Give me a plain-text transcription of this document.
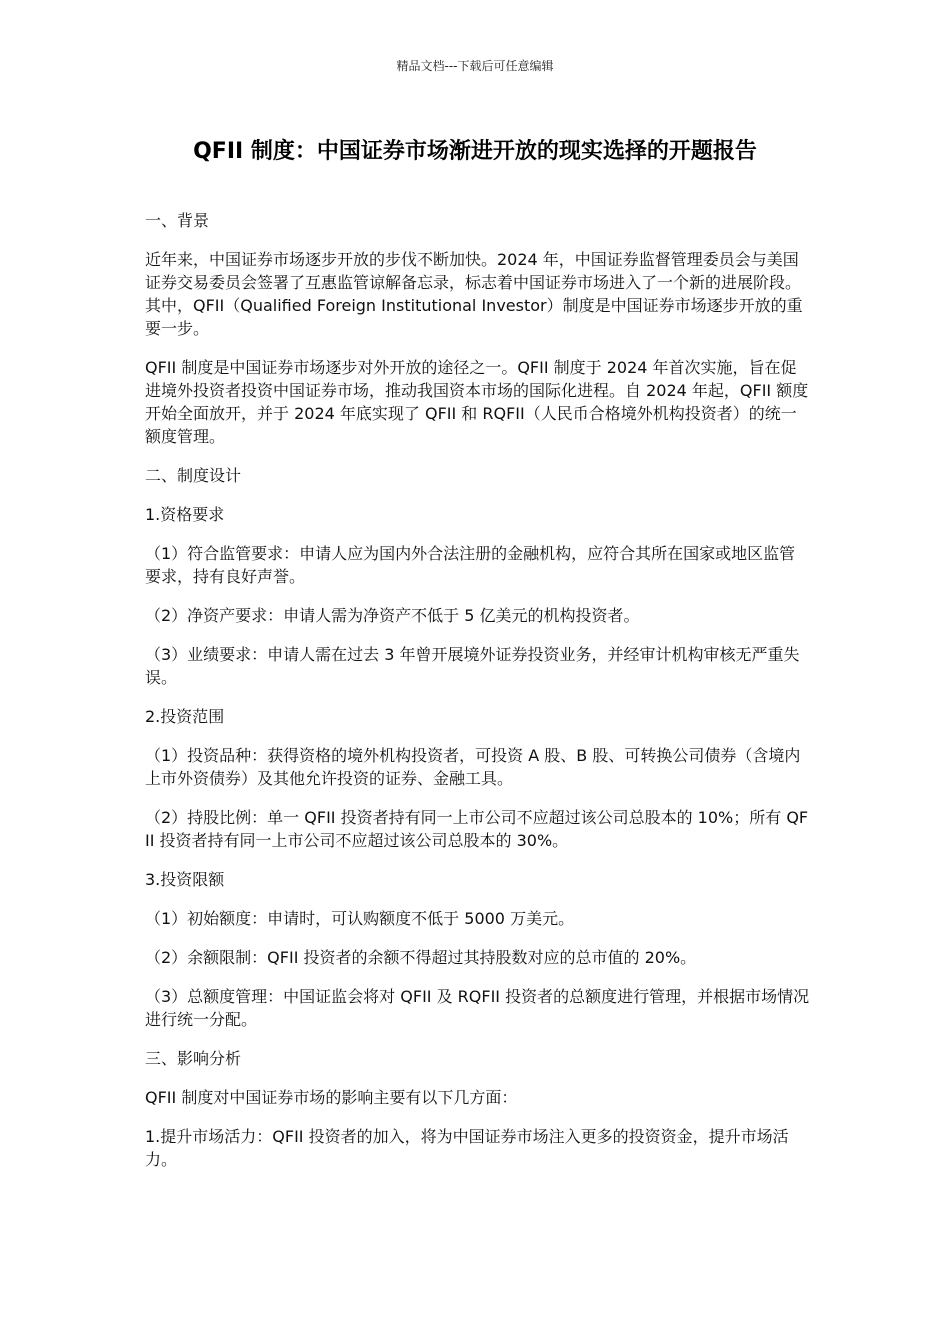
精品文档---下载后可任意编辑
QFII 制度：中国证券市场渐进开放的现实选择的开题报告

一、背景

近年来，中国证券市场逐步开放的步伐不断加快。2024 年，中国证券监督管理委员会与美国证券交易委员会签署了互惠监管谅解备忘录，标志着中国证券市场进入了一个新的进展阶段。其中，QFII（Qualified Foreign Institutional Investor）制度是中国证券市场逐步开放的重要一步。

QFII 制度是中国证券市场逐步对外开放的途径之一。QFII 制度于 2024 年首次实施，旨在促进境外投资者投资中国证券市场，推动我国资本市场的国际化进程。自 2024 年起，QFII 额度开始全面放开，并于 2024 年底实现了 QFII 和 RQFII（人民币合格境外机构投资者）的统一额度管理。

二、制度设计

1.资格要求

（1）符合监管要求：申请人应为国内外合法注册的金融机构，应符合其所在国家或地区监管要求，持有良好声誉。

（2）净资产要求：申请人需为净资产不低于 5 亿美元的机构投资者。

（3）业绩要求：申请人需在过去 3 年曾开展境外证券投资业务，并经审计机构审核无严重失误。

2.投资范围

（1）投资品种：获得资格的境外机构投资者，可投资 A 股、B 股、可转换公司债券（含境内上市外资债券）及其他允许投资的证券、金融工具。

（2）持股比例：单一 QFII 投资者持有同一上市公司不应超过该公司总股本的 10%；所有 QFII 投资者持有同一上市公司不应超过该公司总股本的 30%。

3.投资限额

（1）初始额度：申请时，可认购额度不低于 5000 万美元。

（2）余额限制：QFII 投资者的余额不得超过其持股数对应的总市值的 20%。

（3）总额度管理：中国证监会将对 QFII 及 RQFII 投资者的总额度进行管理，并根据市场情况进行统一分配。

三、影响分析

QFII 制度对中国证券市场的影响主要有以下几方面：

1.提升市场活力：QFII 投资者的加入，将为中国证券市场注入更多的投资资金，提升市场活力。
